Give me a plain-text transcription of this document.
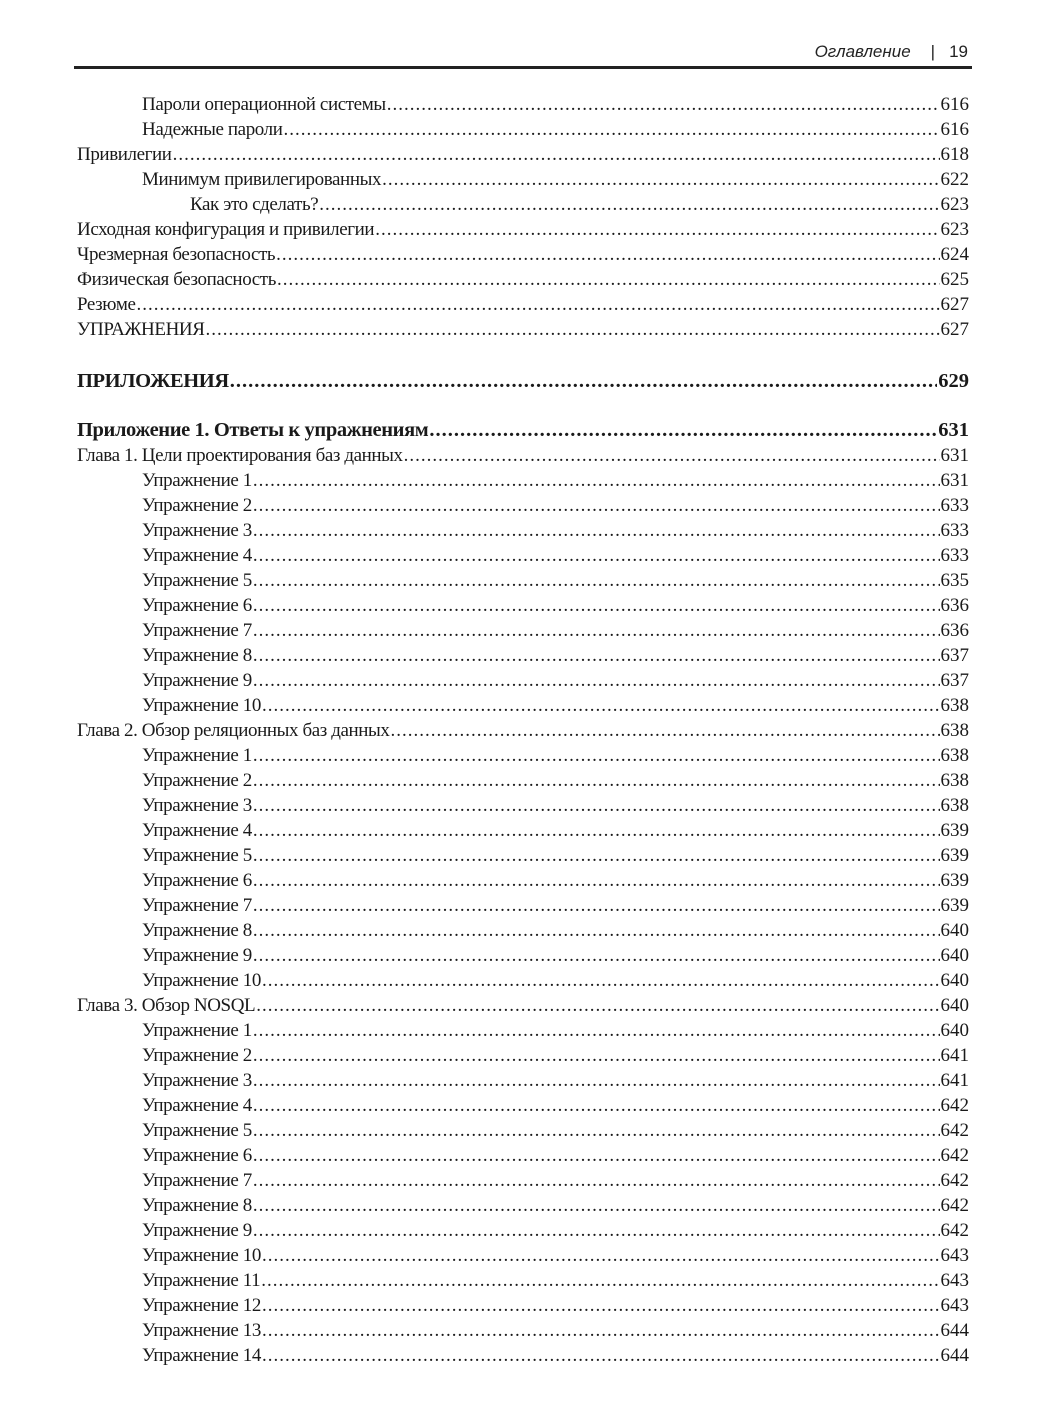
Оглавление | 19
Пароли операционной системы .....	616
Надежные пароли .....	616
Привилегии .....	618
Минимум привилегированных .....	622
Как это сделать? .....	623
Исходная конфигурация и привилегии .....	623
Чрезмерная безопасность .....	624
Физическая безопасность .....	625
Резюме .....	627
УПРАЖНЕНИЯ .....	627
ПРИЛОЖЕНИЯ .....	629
Приложение 1. Ответы к упражнениям .....	631
Глава 1. Цели проектирования баз данных .....	631
Упражнение 1 .....	631
Упражнение 2 .....	633
Упражнение 3 .....	633
Упражнение 4 .....	633
Упражнение 5 .....	635
Упражнение 6 .....	636
Упражнение 7 .....	636
Упражнение 8 .....	637
Упражнение 9 .....	637
Упражнение 10 .....	638
Глава 2. Обзор реляционных баз данных .....	638
Упражнение 1 .....	638
Упражнение 2 .....	638
Упражнение 3 .....	638
Упражнение 4 .....	639
Упражнение 5 .....	639
Упражнение 6 .....	639
Упражнение 7 .....	639
Упражнение 8 .....	640
Упражнение 9 .....	640
Упражнение 10 .....	640
Глава 3. Обзор NOSQL .....	640
Упражнение 1 .....	640
Упражнение 2 .....	641
Упражнение 3 .....	641
Упражнение 4 .....	642
Упражнение 5 .....	642
Упражнение 6 .....	642
Упражнение 7 .....	642
Упражнение 8 .....	642
Упражнение 9 .....	642
Упражнение 10 .....	643
Упражнение 11 .....	643
Упражнение 12 .....	643
Упражнение 13 .....	644
Упражнение 14 .....	644
